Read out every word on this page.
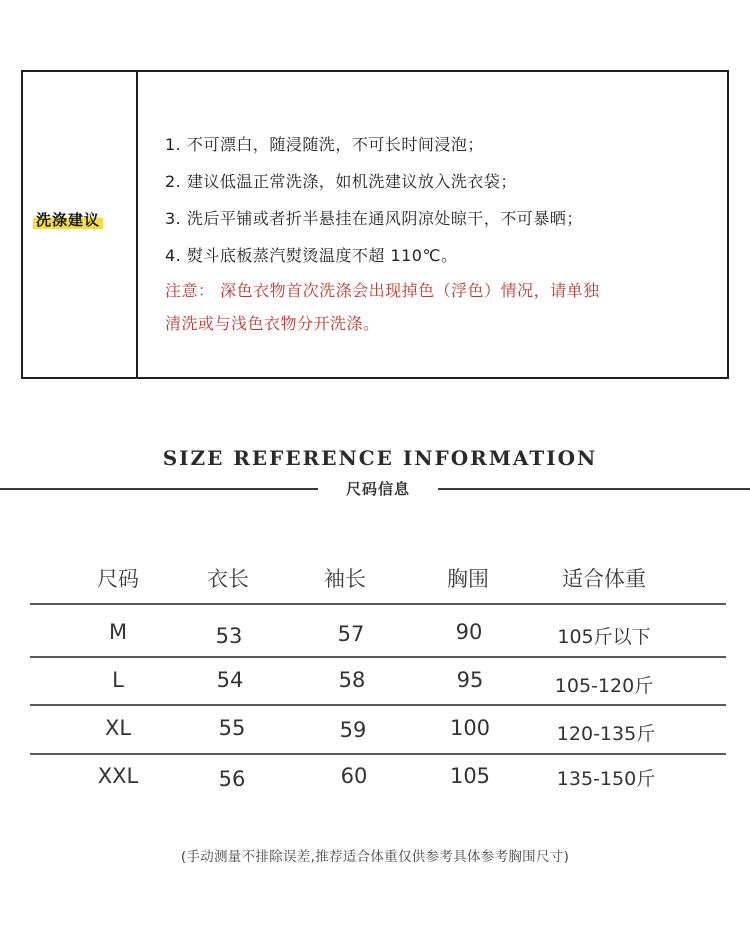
洗涤建议
1. 不可漂白，随浸随洗，不可长时间浸泡；
2. 建议低温正常洗涤，如机洗建议放入洗衣袋；
3. 洗后平铺或者折半悬挂在通风阴凉处晾干，不可暴晒；
4. 熨斗底板蒸汽熨烫温度不超 110℃。
注意： 深色衣物首次洗涤会出现掉色（浮色）情况，请单独
清洗或与浅色衣物分开洗涤。
SIZE REFERENCE INFORMATION
尺码信息
尺码	衣长	袖长	胸围	适合体重
M	53	57	90	105斤以下
L	54	58	95	105-120斤
XL	55	59	100	120-135斤
XXL	56	60	105	135-150斤
(手动测量不排除误差,推荐适合体重仅供参考具体参考胸围尺寸)
